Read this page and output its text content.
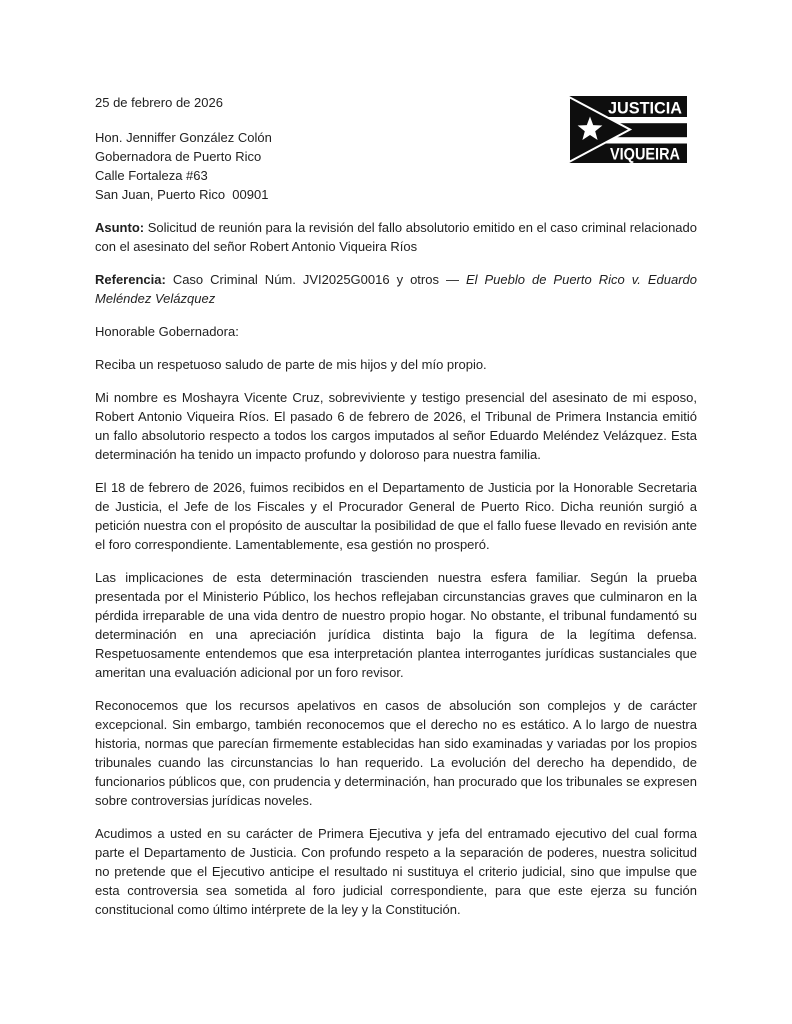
JUSTICIA
VIQUEIRA
25 de febrero de 2026
Hon. Jenniffer González Colón
Gobernadora de Puerto Rico
Calle Fortaleza #63
San Juan, Puerto Rico  00901

Asunto: Solicitud de reunión para la revisión del fallo absolutorio emitido en el caso criminal relacionado con el asesinato del señor Robert Antonio Viqueira Ríos

Referencia: Caso Criminal Núm. JVI2025G0016 y otros — El Pueblo de Puerto Rico v. Eduardo Meléndez Velázquez

Honorable Gobernadora:

Reciba un respetuoso saludo de parte de mis hijos y del mío propio.

Mi nombre es Moshayra Vicente Cruz, sobreviviente y testigo presencial del asesinato de mi esposo, Robert Antonio Viqueira Ríos. El pasado 6 de febrero de 2026, el Tribunal de Primera Instancia emitió un fallo absolutorio respecto a todos los cargos imputados al señor Eduardo Meléndez Velázquez. Esta determinación ha tenido un impacto profundo y doloroso para nuestra familia.

El 18 de febrero de 2026, fuimos recibidos en el Departamento de Justicia por la Honorable Secretaria de Justicia, el Jefe de los Fiscales y el Procurador General de Puerto Rico. Dicha reunión surgió a petición nuestra con el propósito de auscultar la posibilidad de que el fallo fuese llevado en revisión ante el foro correspondiente. Lamentablemente, esa gestión no prosperó.

Las implicaciones de esta determinación trascienden nuestra esfera familiar. Según la prueba presentada por el Ministerio Público, los hechos reflejaban circunstancias graves que culminaron en la pérdida irreparable de una vida dentro de nuestro propio hogar. No obstante, el tribunal fundamentó su determinación en una apreciación jurídica distinta bajo la figura de la legítima defensa. Respetuosamente entendemos que esa interpretación plantea interrogantes jurídicas sustanciales que ameritan una evaluación adicional por un foro revisor.

Reconocemos que los recursos apelativos en casos de absolución son complejos y de carácter excepcional. Sin embargo, también reconocemos que el derecho no es estático. A lo largo de nuestra historia, normas que parecían firmemente establecidas han sido examinadas y variadas por los propios tribunales cuando las circunstancias lo han requerido. La evolución del derecho ha dependido, de funcionarios públicos que, con prudencia y determinación, han procurado que los tribunales se expresen sobre controversias jurídicas noveles.

Acudimos a usted en su carácter de Primera Ejecutiva y jefa del entramado ejecutivo del cual forma parte el Departamento de Justicia. Con profundo respeto a la separación de poderes, nuestra solicitud no pretende que el Ejecutivo anticipe el resultado ni sustituya el criterio judicial, sino que impulse que esta controversia sea sometida al foro judicial correspondiente, para que este ejerza su función constitucional como último intérprete de la ley y la Constitución.
